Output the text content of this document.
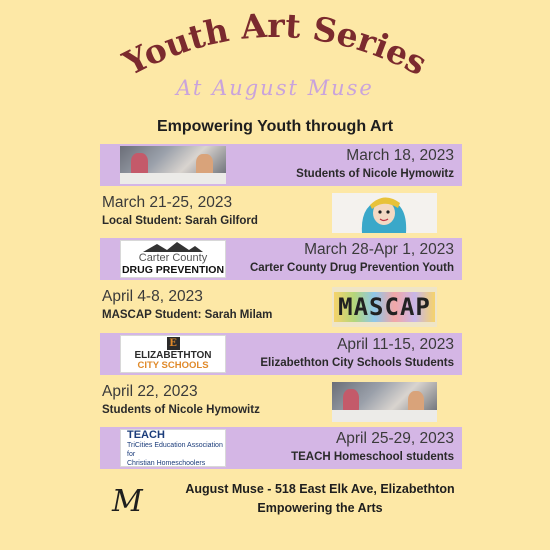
Youth Art Series
At August Muse
Empowering Youth through Art
March 18, 2023
Students of Nicole Hymowitz
March 21-25, 2023
Local Student: Sarah Gilford
Carter County
DRUG PREVENTION
March 28-Apr 1, 2023
Carter County Drug Prevention Youth
April 4-8, 2023
MASCAP Student: Sarah Milam	MASCAP
E
ELIZABETHTON
CITY SCHOOLS
April 11-15, 2023
Elizabethton City Schools Students
April 22, 2023
Students of Nicole Hymowitz
TEACH
TriCities Education Association for
Christian Homeschoolers
April 25-29, 2023
TEACH Homeschool students
M	August Muse - 518 East Elk Ave, Elizabethton
Empowering the Arts
